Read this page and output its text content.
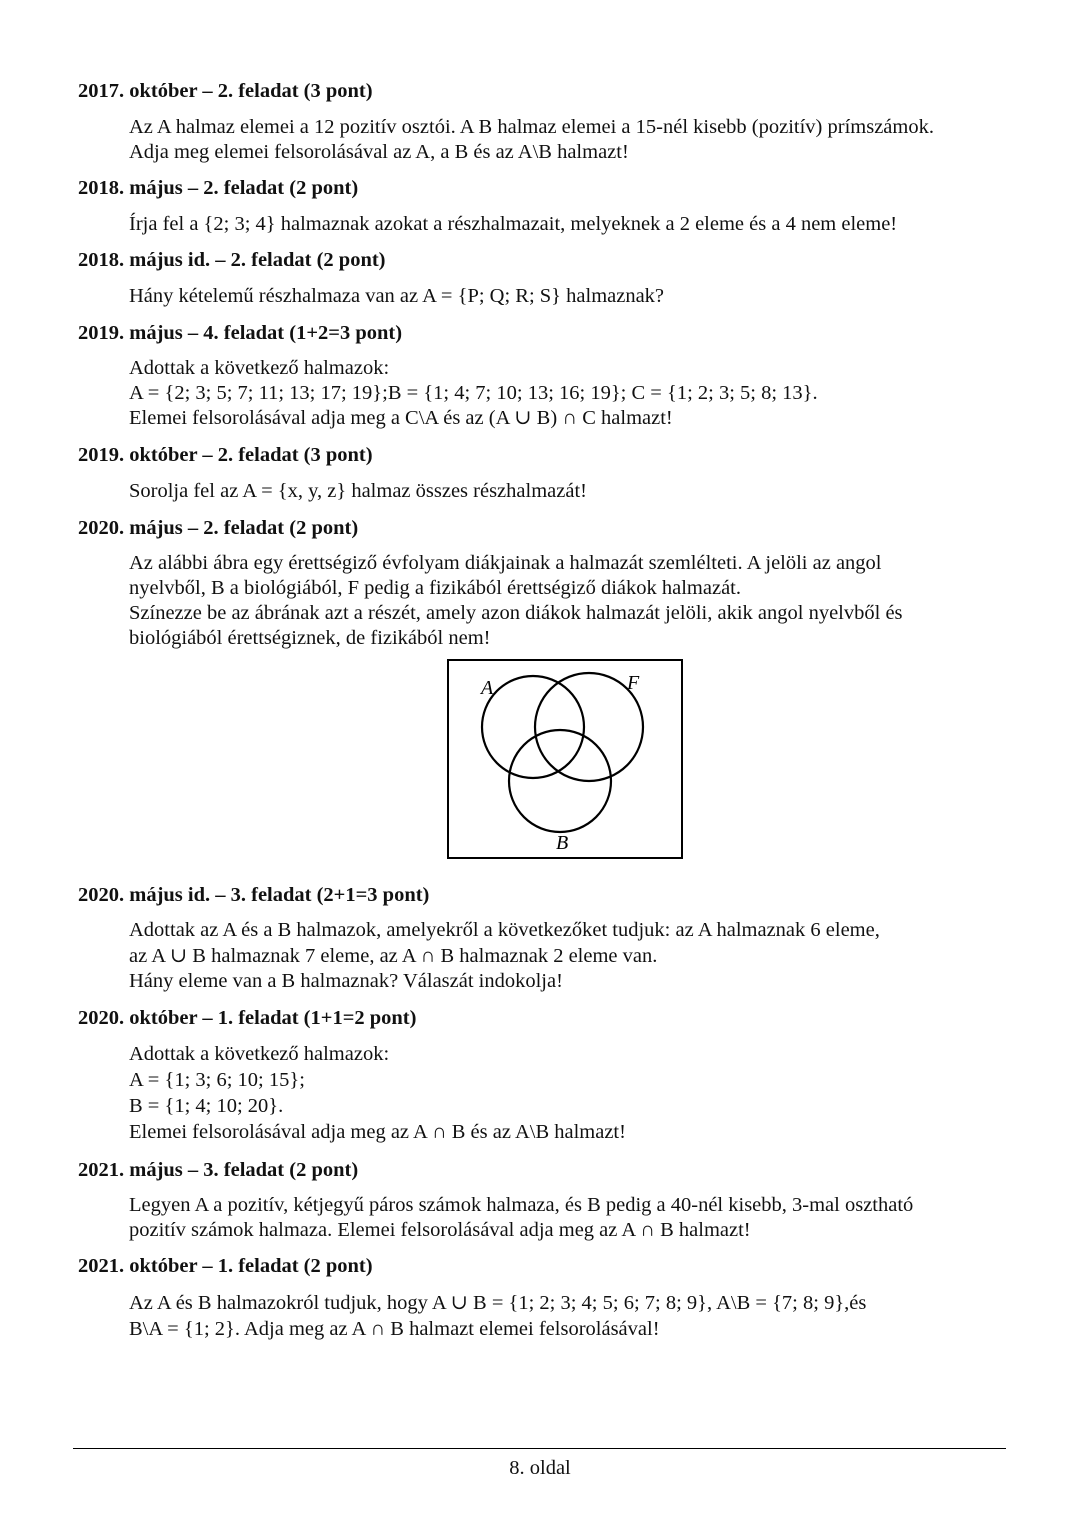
2017. október – 2. feladat (3 pont)
Az A halmaz elemei a 12 pozitív osztói. A B halmaz elemei a 15-nél kisebb (pozitív) prímszámok.
Adja meg elemei felsorolásával az A, a B és az A\B halmazt!
2018. május – 2. feladat (2 pont)
Írja fel a {2; 3; 4} halmaznak azokat a részhalmazait, melyeknek a 2 eleme és a 4 nem eleme!
2018. május id. – 2. feladat (2 pont)
Hány kételemű részhalmaza van az A = {P; Q; R; S} halmaznak?
2019. május – 4. feladat (1+2=3 pont)
Adottak a következő halmazok:
A = {2; 3; 5; 7; 11; 13; 17; 19};B = {1; 4; 7; 10; 13; 16; 19}; C = {1; 2; 3; 5; 8; 13}.
Elemei felsorolásával adja meg a C\A és az (A ∪ B) ∩ C halmazt!
2019. október – 2. feladat (3 pont)
Sorolja fel az A = {x, y, z} halmaz összes részhalmazát!
2020. május – 2. feladat (2 pont)
Az alábbi ábra egy érettségiző évfolyam diákjainak a halmazát szemlélteti. A jelöli az angol
nyelvből, B a biológiából, F pedig a fizikából érettségiző diákok halmazát.
Színezze be az ábrának azt a részét, amely azon diákok halmazát jelöli, akik angol nyelvből és
biológiából érettségiznek, de fizikából nem!
A	F
B
2020. május id. – 3. feladat (2+1=3 pont)
Adottak az A és a B halmazok, amelyekről a következőket tudjuk: az A halmaznak 6 eleme,
az A ∪ B halmaznak 7 eleme, az A ∩ B halmaznak 2 eleme van.
Hány eleme van a B halmaznak? Válaszát indokolja!
2020. október – 1. feladat (1+1=2 pont)
Adottak a következő halmazok:
A = {1; 3; 6; 10; 15};
B = {1; 4; 10; 20}.
Elemei felsorolásával adja meg az A ∩ B és az A\B halmazt!
2021. május – 3. feladat (2 pont)
Legyen A a pozitív, kétjegyű páros számok halmaza, és B pedig a 40-nél kisebb, 3-mal osztható
pozitív számok halmaza. Elemei felsorolásával adja meg az A ∩ B halmazt!
2021. október – 1. feladat (2 pont)
Az A és B halmazokról tudjuk, hogy A ∪ B = {1; 2; 3; 4; 5; 6; 7; 8; 9}, A\B = {7; 8; 9},és
B\A = {1; 2}. Adja meg az A ∩ B halmazt elemei felsorolásával!
8. oldal
